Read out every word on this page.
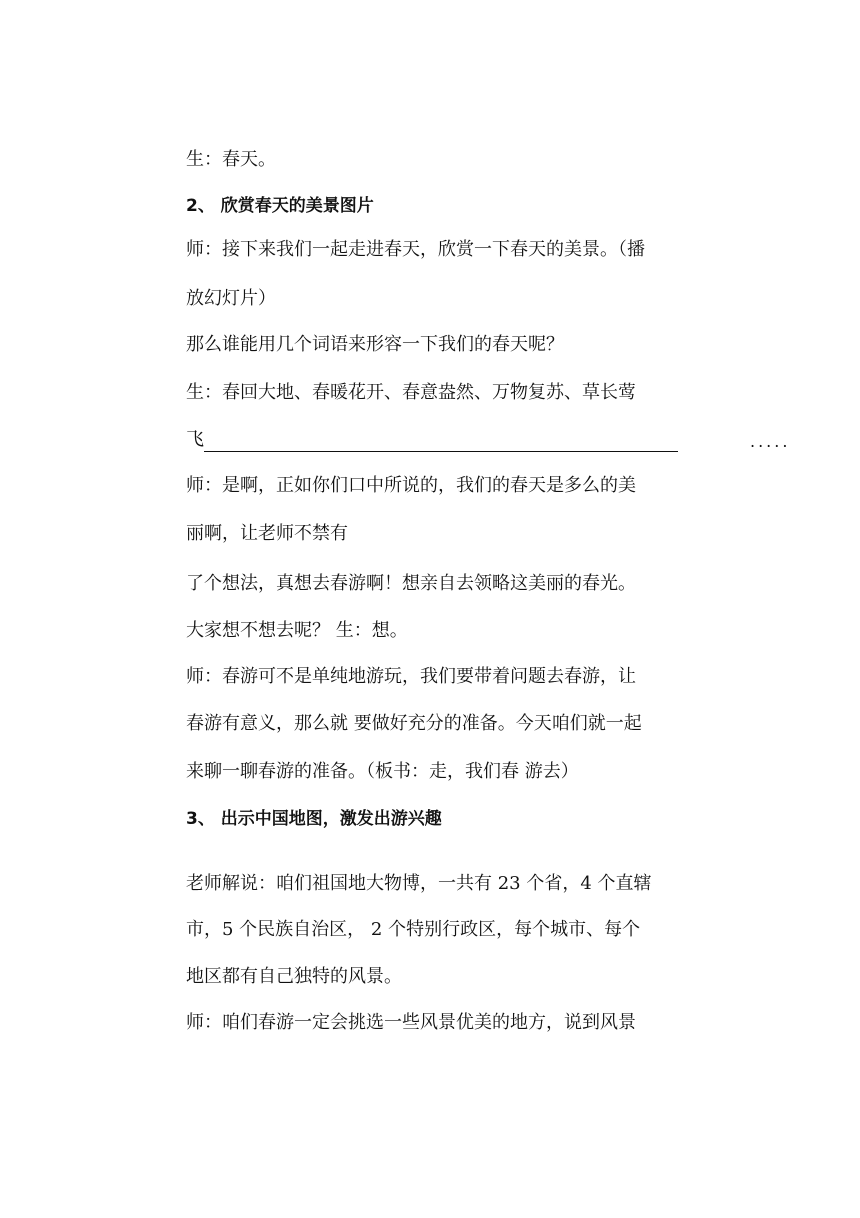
生：春天。
2、 欣赏春天的美景图片
师：接下来我们一起走进春天，欣赏一下春天的美景。（播
放幻灯片）
那么谁能用几个词语来形容一下我们的春天呢？
生：春回大地、春暖花开、春意盎然、万物复苏、草长莺
飞	.....
师：是啊，正如你们口中所说的，我们的春天是多么的美
丽啊，让老师不禁有
了个想法，真想去春游啊！想亲自去领略这美丽的春光。
大家想不想去呢？ 生：想。
师：春游可不是单纯地游玩，我们要带着问题去春游，让
春游有意义，那么就 要做好充分的准备。今天咱们就一起
来聊一聊春游的准备。（板书：走，我们春 游去）
3、 出示中国地图，激发出游兴趣
老师解说：咱们祖国地大物博，一共有 23 个省，4 个直辖
市，5 个民族自治区， 2 个特别行政区，每个城市、每个
地区都有自己独特的风景。
师：咱们春游一定会挑选一些风景优美的地方，说到风景
